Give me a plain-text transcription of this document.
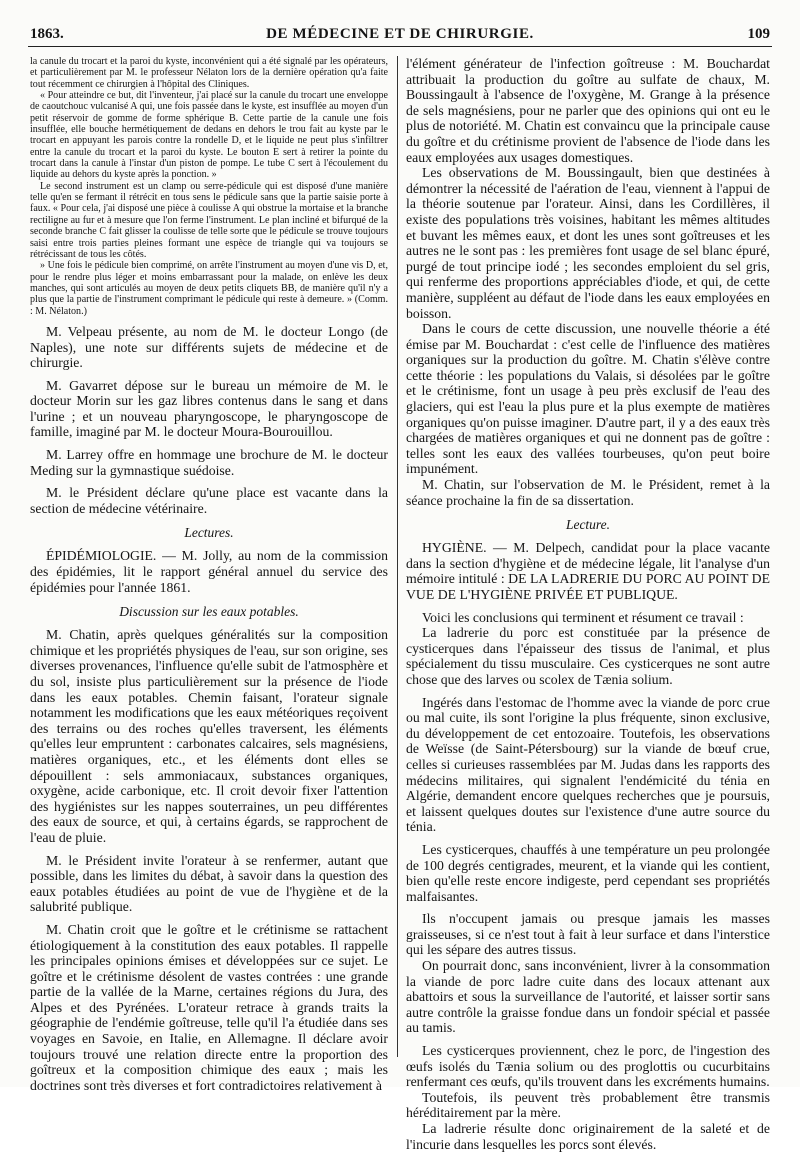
1863.	DE MÉDECINE ET DE CHIRURGIE.	109

la canule du trocart et la paroi du kyste, inconvénient qui a été signalé par les opérateurs, et particulièrement par M. le professeur Nélaton lors de la dernière opération qu'a faite tout récemment ce chirurgien à l'hôpital des Cliniques.

« Pour atteindre ce but, dit l'inventeur, j'ai placé sur la canule du trocart une enveloppe de caoutchouc vulcanisé A qui, une fois passée dans le kyste, est insufflée au moyen d'un petit réservoir de gomme de forme sphérique B. Cette partie de la canule une fois insufflée, elle bouche hermétiquement de dedans en dehors le trou fait au kyste par le trocart en appuyant les parois contre la rondelle D, et le liquide ne peut plus s'infiltrer entre la canule du trocart et la paroi du kyste. Le bouton E sert à retirer la pointe du trocart dans la canule à l'instar d'un piston de pompe. Le tube C sert à l'écoulement du liquide au dehors du kyste après la ponction. »

Le second instrument est un clamp ou serre-pédicule qui est disposé d'une manière telle qu'en se fermant il rétrécit en tous sens le pédicule sans que la partie saisie porte à faux. « Pour cela, j'ai disposé une pièce à coulisse A qui obstrue la mortaise et la branche rectiligne au fur et à mesure que l'on ferme l'instrument. Le plan incliné et bifurqué de la seconde branche C fait glisser la coulisse de telle sorte que le pédicule se trouve toujours saisi entre trois parties pleines formant une espèce de triangle qui va toujours se rétrécissant de tous les côtés.

» Une fois le pédicule bien comprimé, on arrête l'instrument au moyen d'une vis D, et, pour le rendre plus léger et moins embarrassant pour la malade, on enlève les deux manches, qui sont articulés au moyen de deux petits cliquets BB, de manière qu'il n'y a plus que la partie de l'instrument comprimant le pédicule qui reste à demeure. » (Comm. : M. Nélaton.)

M. Velpeau présente, au nom de M. le docteur Longo (de Naples), une note sur différents sujets de médecine et de chirurgie.

M. Gavarret dépose sur le bureau un mémoire de M. le docteur Morin sur les gaz libres contenus dans le sang et dans l'urine ; et un nouveau pharyngoscope, le pharyngoscope de famille, imaginé par M. le docteur Moura-Bourouillou.

M. Larrey offre en hommage une brochure de M. le docteur Meding sur la gymnastique suédoise.

M. le Président déclare qu'une place est vacante dans la section de médecine vétérinaire.

Lectures.

ÉPIDÉMIOLOGIE. — M. Jolly, au nom de la commission des épidémies, lit le rapport général annuel du service des épidémies pour l'année 1861.

Discussion sur les eaux potables.

M. Chatin, après quelques généralités sur la composition chimique et les propriétés physiques de l'eau, sur son origine, ses diverses provenances, l'influence qu'elle subit de l'atmosphère et du sol, insiste plus particulièrement sur la présence de l'iode dans les eaux potables. Chemin faisant, l'orateur signale notamment les modifications que les eaux météoriques reçoivent des terrains ou des roches qu'elles traversent, les éléments qu'elles leur empruntent : carbonates calcaires, sels magnésiens, matières organiques, etc., et les éléments dont elles se dépouillent : sels ammoniacaux, substances organiques, oxygène, acide carbonique, etc. Il croit devoir fixer l'attention des hygiénistes sur les nappes souterraines, un peu différentes des eaux de source, et qui, à certains égards, se rapprochent de l'eau de pluie.

M. le Président invite l'orateur à se renfermer, autant que possible, dans les limites du débat, à savoir dans la question des eaux potables étudiées au point de vue de l'hygiène et de la salubrité publique.

M. Chatin croit que le goître et le crétinisme se rattachent étiologiquement à la constitution des eaux potables. Il rappelle les principales opinions émises et développées sur ce sujet. Le goître et le crétinisme désolent de vastes contrées : une grande partie de la vallée de la Marne, certaines régions du Jura, des Alpes et des Pyrénées. L'orateur retrace à grands traits la géographie de l'endémie goîtreuse, telle qu'il l'a étudiée dans ses voyages en Savoie, en Italie, en Allemagne. Il déclare avoir toujours trouvé une relation directe entre la proportion des goîtreux et la composition chimique des eaux ; mais les doctrines sont très diverses et fort contradictoires relativement à

l'élément générateur de l'infection goîtreuse : M. Bouchardat attribuait la production du goître au sulfate de chaux, M. Boussingault à l'absence de l'oxygène, M. Grange à la présence de sels magnésiens, pour ne parler que des opinions qui ont eu le plus de notoriété. M. Chatin est convaincu que la principale cause du goître et du crétinisme provient de l'absence de l'iode dans les eaux employées aux usages domestiques.

Les observations de M. Boussingault, bien que destinées à démontrer la nécessité de l'aération de l'eau, viennent à l'appui de la théorie soutenue par l'orateur. Ainsi, dans les Cordillères, il existe des populations très voisines, habitant les mêmes altitudes et buvant les mêmes eaux, et dont les unes sont goîtreuses et les autres ne le sont pas : les premières font usage de sel blanc épuré, purgé de tout principe iodé ; les secondes emploient du sel gris, qui renferme des proportions appréciables d'iode, et qui, de cette manière, suppléent au défaut de l'iode dans les eaux employées en boisson.

Dans le cours de cette discussion, une nouvelle théorie a été émise par M. Bouchardat : c'est celle de l'influence des matières organiques sur la production du goître. M. Chatin s'élève contre cette théorie : les populations du Valais, si désolées par le goître et le crétinisme, font un usage à peu près exclusif de l'eau des glaciers, qui est l'eau la plus pure et la plus exempte de matières organiques qu'on puisse imaginer. D'autre part, il y a des eaux très chargées de matières organiques et qui ne donnent pas de goître : telles sont les eaux des vallées tourbeuses, qu'on peut boire impunément.

M. Chatin, sur l'observation de M. le Président, remet à la séance prochaine la fin de sa dissertation.

Lecture.

HYGIÈNE. — M. Delpech, candidat pour la place vacante dans la section d'hygiène et de médecine légale, lit l'analyse d'un mémoire intitulé : DE LA LADRERIE DU PORC AU POINT DE VUE DE L'HYGIÈNE PRIVÉE ET PUBLIQUE.

Voici les conclusions qui terminent et résument ce travail :

La ladrerie du porc est constituée par la présence de cysticerques dans l'épaisseur des tissus de l'animal, et plus spécialement du tissu musculaire. Ces cysticerques ne sont autre chose que des larves ou scolex de Tænia solium.

Ingérés dans l'estomac de l'homme avec la viande de porc crue ou mal cuite, ils sont l'origine la plus fréquente, sinon exclusive, du développement de cet entozoaire. Toutefois, les observations de Weïsse (de Saint-Pétersbourg) sur la viande de bœuf crue, celles si curieuses rassemblées par M. Judas dans les rapports des médecins militaires, qui signalent l'endémicité du ténia en Algérie, demandent encore quelques recherches que je poursuis, et laissent quelques doutes sur l'existence d'une autre source du ténia.

Les cysticerques, chauffés à une température un peu prolongée de 100 degrés centigrades, meurent, et la viande qui les contient, bien qu'elle reste encore indigeste, perd cependant ses propriétés malfaisantes.

Ils n'occupent jamais ou presque jamais les masses graisseuses, si ce n'est tout à fait à leur surface et dans l'interstice qui les sépare des autres tissus.

On pourrait donc, sans inconvénient, livrer à la consommation la viande de porc ladre cuite dans des locaux attenant aux abattoirs et sous la surveillance de l'autorité, et laisser sortir sans autre contrôle la graisse fondue dans un fondoir spécial et passée au tamis.

Les cysticerques proviennent, chez le porc, de l'ingestion des œufs isolés du Tænia solium ou des proglottis ou cucurbitains renfermant ces œufs, qu'ils trouvent dans les excréments humains.

Toutefois, ils peuvent très probablement être transmis héréditairement par la mère.

La ladrerie résulte donc originairement de la saleté et de l'incurie dans lesquelles les porcs sont élevés.
